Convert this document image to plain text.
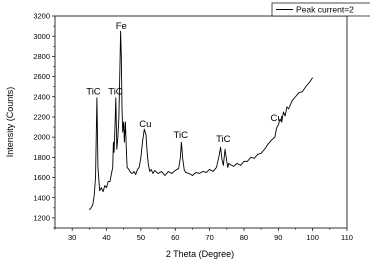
30	40	50	60	70	80	90	100	110
1200
1400
1600
1800
2000
2200
2400
2600
2800
3000
3200
TiC
Fe
TiC
Cu
TiC	TiC
Cu
2 Theta (Degree)
Intensity (Counts)
Peak current=2
